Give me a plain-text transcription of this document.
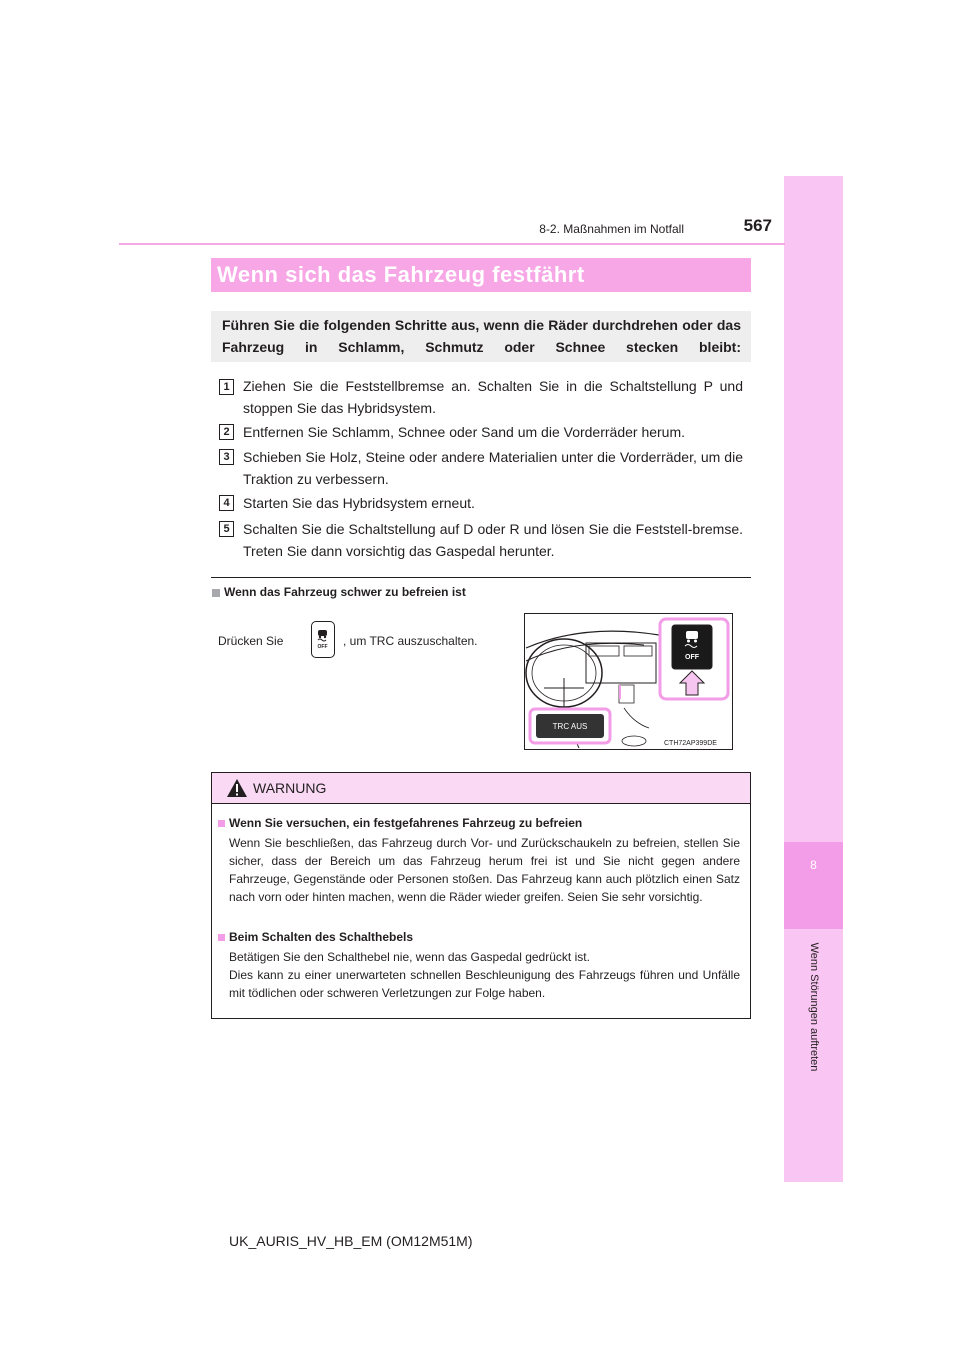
8
Wenn Störungen auftreten
8-2. Maßnahmen im Notfall	567
Wenn sich das Fahrzeug festfährt
Führen Sie die folgenden Schritte aus, wenn die Räder durchdrehen oder das Fahrzeug in Schlamm, Schmutz oder Schnee stecken bleibt:
1 Ziehen Sie die Feststellbremse an. Schalten Sie in die Schaltstellung P und stoppen Sie das Hybridsystem.
2 Entfernen Sie Schlamm, Schnee oder Sand um die Vorderräder herum.
3 Schieben Sie Holz, Steine oder andere Materialien unter die Vorderräder, um die Traktion zu verbessern.
4 Starten Sie das Hybridsystem erneut.
5 Schalten Sie die Schaltstellung auf D oder R und lösen Sie die Feststell-bremse. Treten Sie dann vorsichtig das Gaspedal herunter.
Wenn das Fahrzeug schwer zu befreien ist
Drücken Sie	OFF , um TRC auszuschalten.
OFF
TRC AUS
CTH72AP399DE
WARNUNG
Wenn Sie versuchen, ein festgefahrenes Fahrzeug zu befreien
Wenn Sie beschließen, das Fahrzeug durch Vor- und Zurückschaukeln zu befreien, stellen Sie sicher, dass der Bereich um das Fahrzeug herum frei ist und Sie nicht gegen andere Fahrzeuge, Gegenstände oder Personen stoßen. Das Fahrzeug kann auch plötzlich einen Satz nach vorn oder hinten machen, wenn die Räder wieder greifen. Seien Sie sehr vorsichtig.
Beim Schalten des Schalthebels
Betätigen Sie den Schalthebel nie, wenn das Gaspedal gedrückt ist.
Dies kann zu einer unerwarteten schnellen Beschleunigung des Fahrzeugs führen und Unfälle mit tödlichen oder schweren Verletzungen zur Folge haben.
UK_AURIS_HV_HB_EM (OM12M51M)
